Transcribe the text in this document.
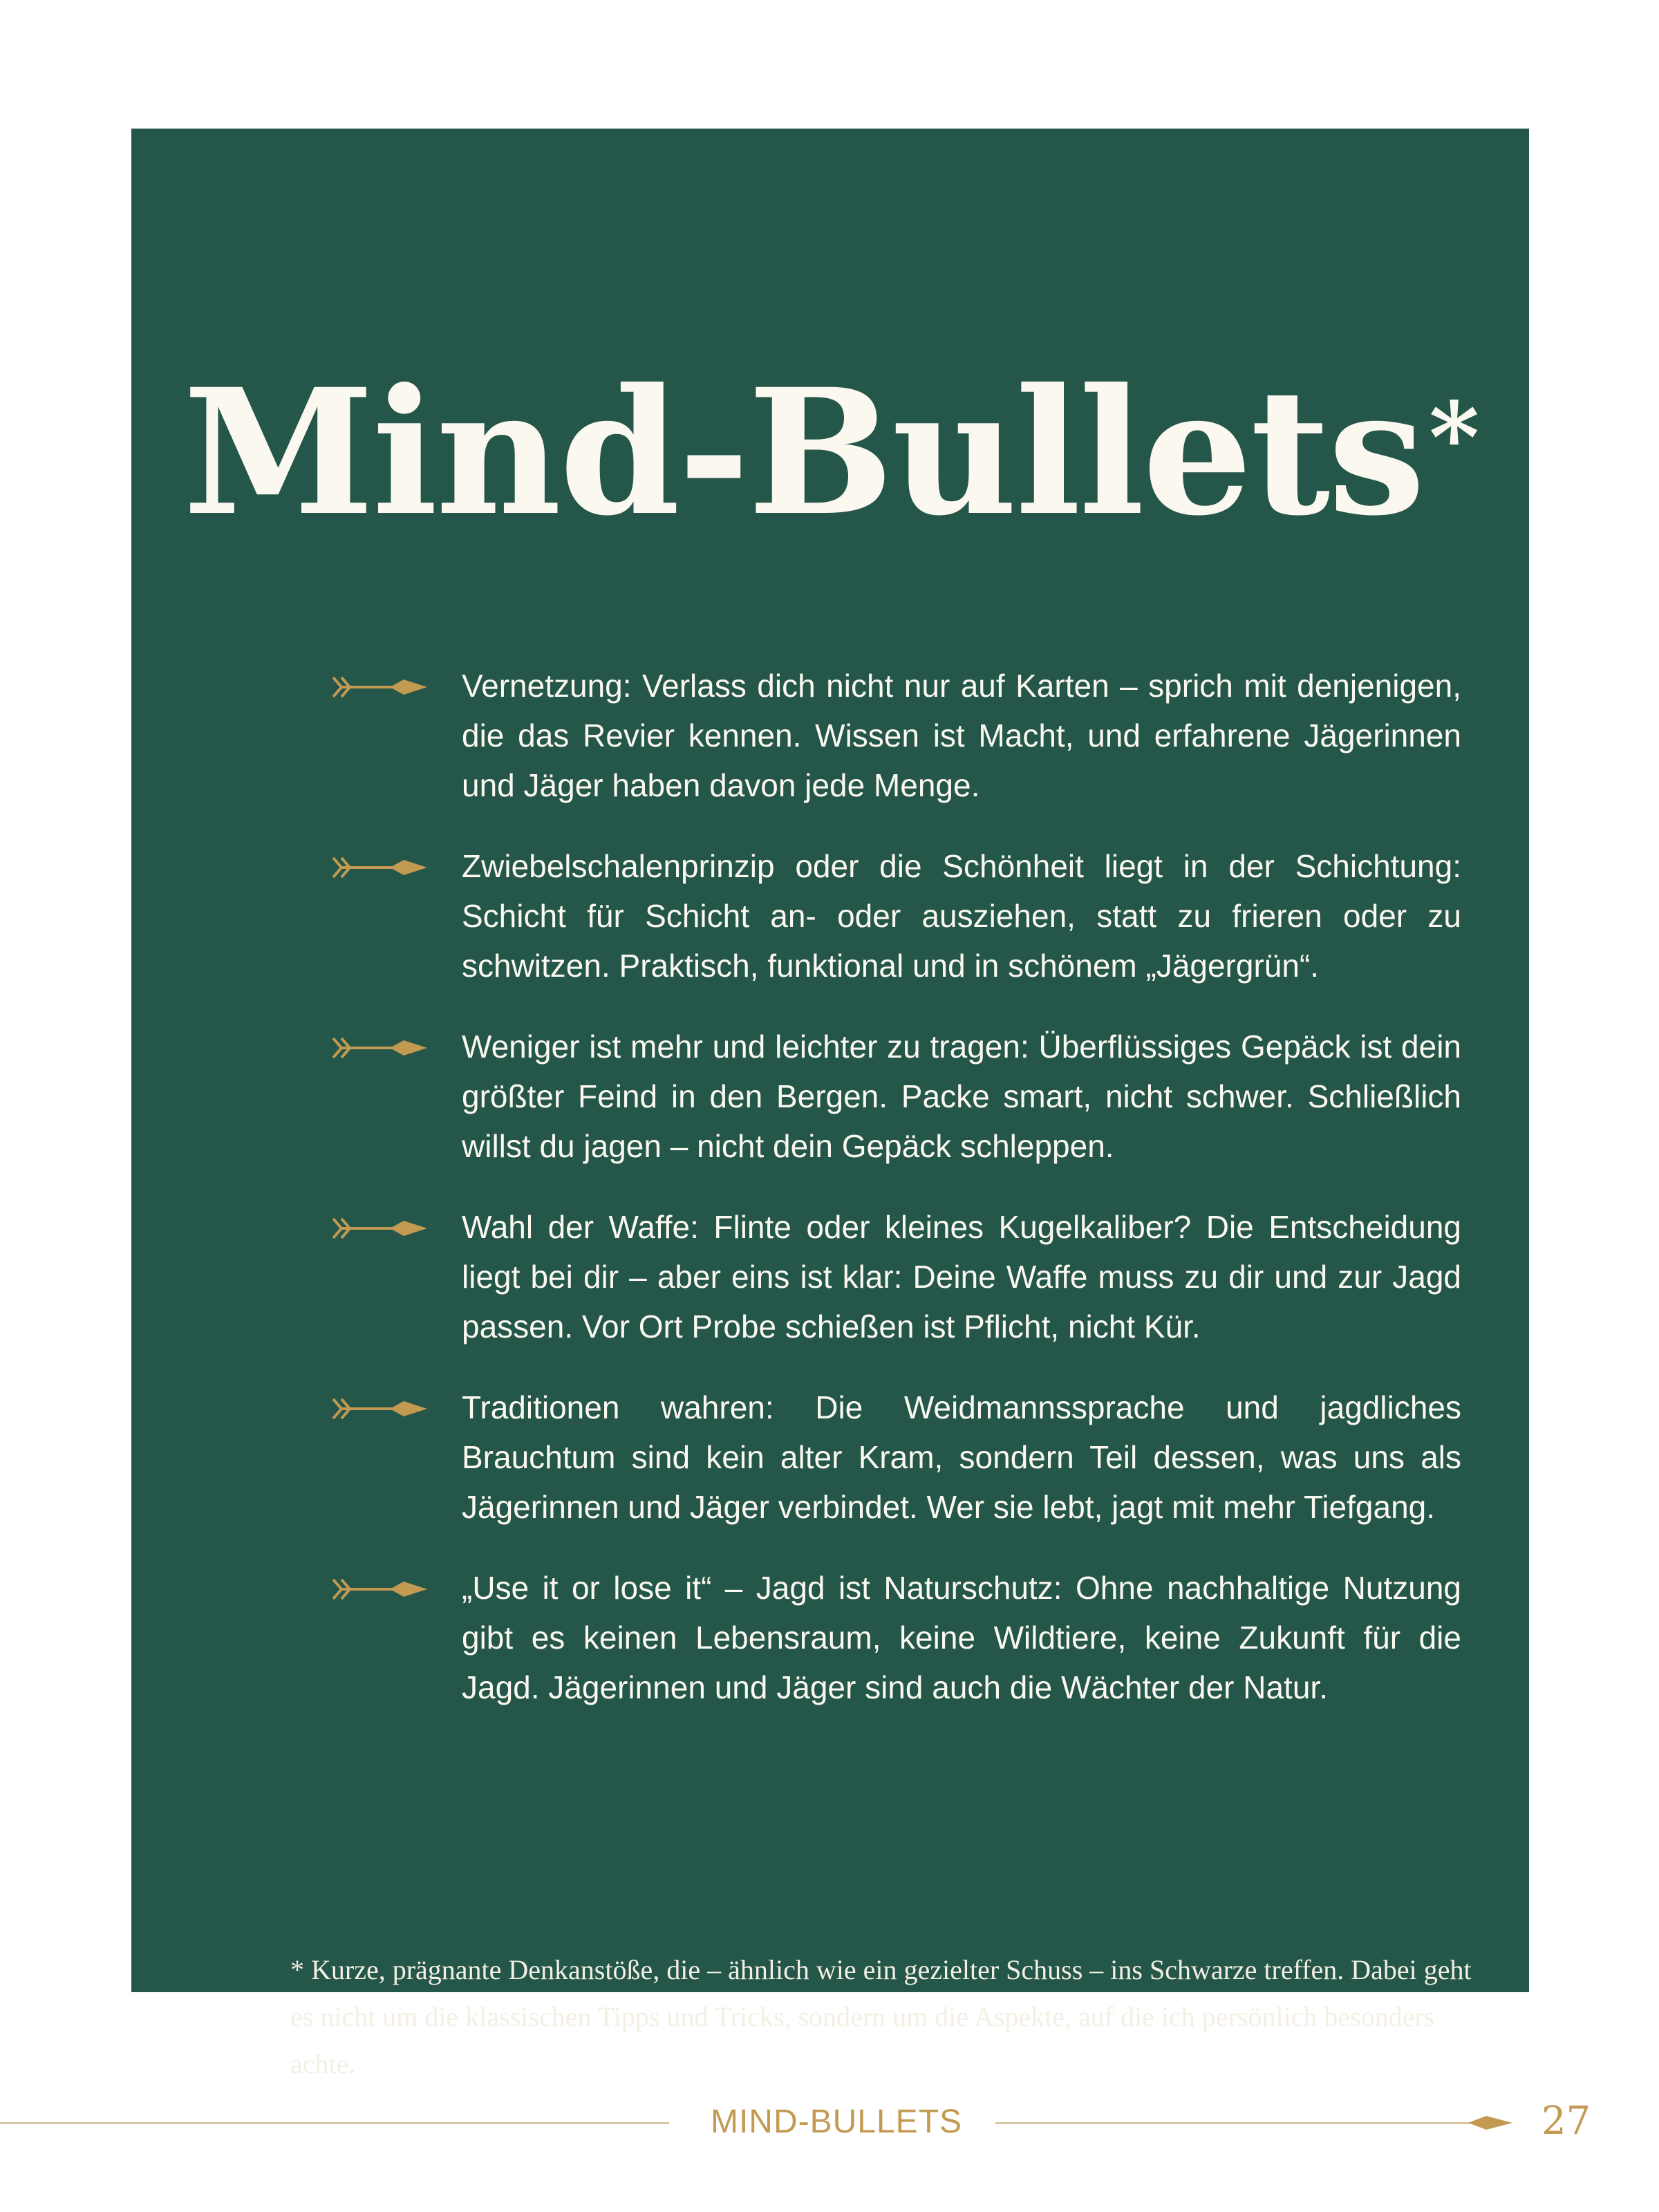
Mind-Bullets*

Vernetzung: Verlass dich nicht nur auf Karten – sprich mit denjenigen, die das Revier kennen. Wissen ist Macht, und erfahrene Jägerinnen und Jäger haben davon jede Menge.

Zwiebelschalenprinzip oder die Schönheit liegt in der Schichtung: Schicht für Schicht an- oder ausziehen, statt zu frieren oder zu schwitzen. Praktisch, funktional und in schönem „Jägergrün“.

Weniger ist mehr und leichter zu tragen: Überflüssiges Gepäck ist dein größter Feind in den Bergen. Packe smart, nicht schwer. Schließlich willst du jagen – nicht dein Gepäck schleppen.

Wahl der Waffe: Flinte oder kleines Kugelkaliber? Die Entscheidung liegt bei dir – aber eins ist klar: Deine Waffe muss zu dir und zur Jagd passen. Vor Ort Probe schießen ist Pflicht, nicht Kür.

Traditionen wahren: Die Weidmannssprache und jagdliches Brauchtum sind kein alter Kram, sondern Teil dessen, was uns als Jägerinnen und Jäger verbindet. Wer sie lebt, jagt mit mehr Tiefgang.

„Use it or lose it“ – Jagd ist Naturschutz: Ohne nachhaltige Nutzung gibt es keinen Lebensraum, keine Wildtiere, keine Zukunft für die Jagd. Jägerinnen und Jäger sind auch die Wächter der Natur.

* Kurze, prägnante Denkanstöße, die – ähnlich wie ein gezielter Schuss – ins Schwarze treffen. Dabei geht es nicht um die klassischen Tipps und Tricks, sondern um die Aspekte, auf die ich persönlich besonders achte.

MIND-BULLETS	27
